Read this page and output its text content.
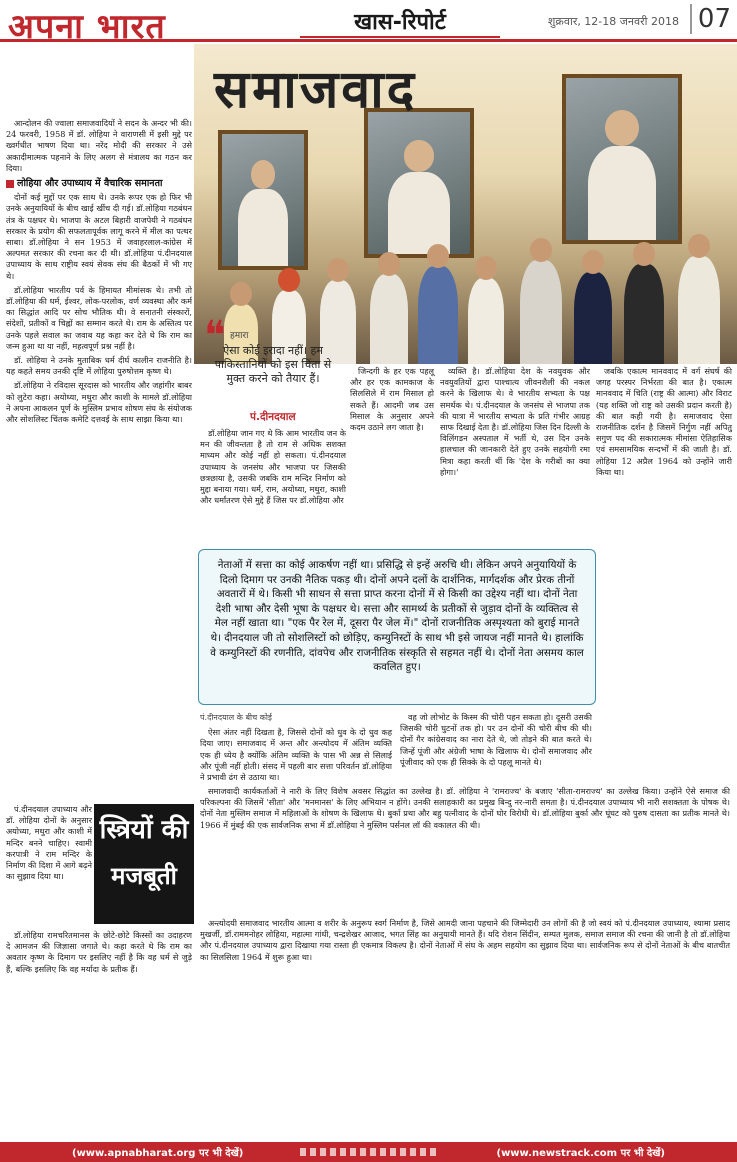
अपना भारत	खास-रिपोर्ट	शुक्रवार, 12-18 जनवरी 2018 07
समाजवाद

आन्दोलन की ज्वाला समाजवादियों ने सदन के अन्दर भी की। 24 फरवरी, 1958 में डॉ. लोहिया ने वाराणसी में इसी मुद्दे पर ख्वर्गधीत भाषण दिया था। नरेंद मोदी की सरकार ने उसे अकादीमात्मक पहनाने के लिए अलग से मंत्रालय का गठन कर दिया।

लोहिया और उपाध्याय में वैचारिक समानता

दोनों कई मुद्दों पर एक साथ थे। उनके रूपर एक हो फिर भी उनके अनुयायियों के बीच खाई खींच दी गई। डॉ.लोहिया गठबंधन तंत्र के पक्षधर थे। भाजपा के अटल बिहारी वाजपेयी ने गठबंधन सरकार के प्रयोग की सफलतापूर्वक लागू करने में मील का पत्थर साबा। डॉ.लोहिया ने सन 1953 में जवाहरलाल-कांग्रेस में अल्पमत सरकार की रचना कर दी थी। डॉ.लोहिया पं.दीनदयाल उपाध्याय के साथ राष्ट्रीय स्वयं सेवक संघ की बैठकों में भी गए थे।

डॉ.लोहिया भारतीय पर्व के हिमायत मीमांसक थे। तभी तो डॉ.लोहिया की धर्म, ईश्वर, लोक-परलोक, वर्ण व्यवस्था और कर्म का सिद्धांत आदि पर सोच भौतिक थी। वे सनातनी संस्कारों, संदेशों, प्रतीकों व चिह्नों का सम्मान करते थे। राम के अस्तित्व पर उनके पहले सवाल का जवाब यह कहा कर देते थे कि राम का जन्म हुआ था या नहीं, महत्वपूर्ण प्रश्न नहीं है।

डॉ. लोहिया ने उनके मुताबिक धर्म दीर्घ कालीन राजनीति है। यह कहते समय उनकी दृष्टि में लोहिया पुरुषोत्तम कृष्ण थे।

डॉ.लोहिया ने रविदास सूरदास को भारतीय और जहांगीर बाबर को लुटेरा कहा। अयोध्या, मथुरा और काशी के मामले डॉ.लोहिया ने अपना आकलन पूर्ण के मुस्लिम प्रभाव शोषण संघ के संयोजक और सोशलिस्ट चिंतक कमेटि दत्तवई के साथ साझा किया था।

पं.दीनदयाल उपाध्याय और डॉ. लोहिया दोनों के अनुसार अयोध्या, मथुरा और काशी में मन्दिर बनने चाहिए। स्वामी करपात्री ने राम मन्दिर के निर्माण की दिशा में आगे बढ़ने का सुझाव दिया था।

स्त्रियों की
मजबूती

डॉ.लोहिया रामचरितमानस के छोटे-छोटे किस्सों का उदाहरण दे आमजन की जिज्ञासा जगाते थे। कहा करते थे कि राम का अवतार कृष्ण के दिमाग पर इसलिए नहीं है कि वह धर्म से जुड़े हैं, बल्कि इसलिए कि वह मर्यादा के प्रतीक हैं।

❝ हमारा
ऐसा कोई इरादा नहीं। हम पाकिस्तानियों को इस चिंता से मुक्त करने को तैयार हैं।
पं.दीनदयाल

जिन्दगी के हर एक पहलू और हर एक कामकाज के सिलसिले में राम मिसाल हो सकते हैं। आदमी जब उस मिसाल के अनुसार अपने कदम उठाने लग जाता है।

डॉ.लोहिया जान गए थे कि आम भारतीय जन के मन की जीवन्तता है तो राम से अधिक सशक्त माध्यम और कोई नहीं हो सकता। पं.दीनदयाल उपाध्याय के जनसंघ और भाजपा पर जिसकी छत्रछाया है, उसकी जबकि राम मन्दिर निर्माण को मुद्दा बनाया गया। धर्म, राम, अयोध्या, मथुरा, काशी और धर्मांतरण ऐसे मुद्दे हैं जिस पर डॉ.लोहिया और

व्यक्ति है। डॉ.लोहिया देश के नवयुवक और नवयुवतियों द्वारा पाश्चात्य जीवनशैली की नकल करने के खिलाफ थे। वे भारतीय सभ्यता के पक्ष समर्थक थे। पं.दीनदयाल के जनसंघ से भाजपा तक की यात्रा में भारतीय सभ्यता के प्रति गंभीर आग्रह साफ दिखाई देता है। डॉ.लोहिया जिस दिन दिल्ली के विलिंगडन अस्पताल में भर्ती थे, उस दिन उनके हालचाल की जानकारी देते हुए उनके सहयोगी रमा मित्रा कहा करती थीं कि 'देश के गरीबों का क्या होगा।'

जबकि एकात्म मानववाद में वर्ग संघर्ष की जगह परस्पर निर्भरता की बात है। एकात्म मानववाद में चिति (राष्ट्र की आत्मा) और विराट (यह शक्ति जो राष्ट्र को उसकी प्रदान करती है) की बात कही गयी है। समाजवाद ऐसा राजनीतिक दर्शन है जिसमें निर्गुण नहीं अपितु सगुण पद की सकारात्मक मीमांसा ऐतिहासिक एवं समसामयिक सन्दर्भों में की जाती है। डॉ. लोहिया 12 अप्रैल 1964 को उन्होंने जारी किया था।

नेताओं में सत्ता का कोई आकर्षण नहीं था। प्रसिद्धि से इन्हें अरुचि थी। लेकिन अपने अनुयायियों के दिलो दिमाग पर उनकी नैतिक पकड़ थी। दोनों अपने दलों के दार्शनिक, मार्गदर्शक और प्रेरक तीनों अवतारों में थे। किसी भी साधन से सत्ता प्राप्त करना दोनों में से किसी का उद्देश्य नहीं था। दोनों नेता देशी भाषा और देसी भूषा के पक्षधर थे। सत्ता और सामर्थ्य के प्रतीकों से जुड़ाव दोनों के व्यक्तित्व से मेल नहीं खाता था। "एक पैर रेल में, दूसरा पैर जेल में।" दोनों राजनीतिक अस्पृश्यता को बुराई मानते थे। दीनदयाल जी तो सोशलिस्टों को छोड़िए, कम्युनिस्टों के साथ भी इसे जायज नहीं मानते थे। हालांकि वे कम्युनिस्टों की रणनीति, दांवपेच और राजनीतिक संस्कृति से सहमत नहीं थे। दोनों नेता असमय काल कवलित हुए।

पं.दीनदयाल के बीच कोई

ऐसा अंतर नहीं दिखता है, जिससे दोनों को धुव के दो धुव कह दिया जाए। समाजवाद में अन्त और अन्त्योदय में अंतिम व्यक्ति एक ही ध्येय है क्योंकि अंतिम व्यक्ति के पास भी अन्न से सिलाई और पूंजी नहीं होती। संसद में पहली बार सत्ता परिवर्तन डॉ.लोहिया ने प्रभावी ढंग से उठाया था।

वह जो लोभोट के किस्म की चोरी पहन सकता हो। दूसरी उसकी जिसकी चोरी घुटनों तक हो। पर उन दोनों की चोरी बीच की थी। दोनों गैर कांग्रेसवाद का नारा देते थे, जो तोड़ने की बात करते थे। जिन्हें पूंजी और अंग्रेजी भाषा के खिलाफ थे। दोनों समाजवाद और पूंजीवाद को एक ही सिक्के के दो पहलू मानते थे।

समाजवादी कार्यकर्ताओं ने नारी के लिए विशेष अवसर सिद्धांत का उल्लेख है। डॉ. लोहिया ने 'रामराज्य' के बजाए 'सीता-रामराज्य' का उल्लेख किया। उन्होंने ऐसे समाज की परिकल्पना की जिसमें 'सीता' और 'मनमानस' के लिए अभियान न होंगे। उनकी सलाहकारी का प्रमुख बिन्दु नर-नारी समता है। पं.दीनदयाल उपाध्याय भी नारी सशक्तता के पोषक थे। दोनों नेता मुस्लिम समाज में महिलाओं के शोषण के खिलाफ थे। बुर्का प्रथा और बहु पत्नीवाद के दोनों घोर विरोधी थे। डॉ.लोहिया बुर्का और घूंघट को पुरुष दासता का प्रतीक मानते थे। 1966 में मुंबई की एक सार्वजनिक सभा में डॉ.लोहिया ने मुस्लिम पर्सनल लॉ की वकालत की थी।

अन्त्योदयी समाजवाद भारतीय आत्मा व शरीर के अनुरूप स्वर्ग निर्माण है, जिसे आमदी जाना पहचाने की जिम्मेदारी उन लोगों की है जो स्वयं को पं.दीनदयाल उपाध्याय, श्यामा प्रसाद मुखर्जी, डॉ.राममनोहर लोहिया, महात्मा गांधी, चन्द्रशेखर आजाद, भगत सिंह का अनुयायी मानते हैं। यदि रोशन सिंदीन, सम्पत मुलक, समाज समाज की रचना की जानी है तो डॉ.लोहिया और पं.दीनदयाल उपाध्याय द्वारा दिखाया गया रास्ता ही एकमात्र विकल्प है। दोनों नेताओं में संघ के अहम सहयोग का सुझाव दिया था। सार्वजनिक रूप से दोनों नेताओं के बीच बातचीत का सिलसिला 1964 में शुरू हुआ था।

(www.apnabharat.org पर भी देखें)	(www.newstrack.com पर भी देखें)
